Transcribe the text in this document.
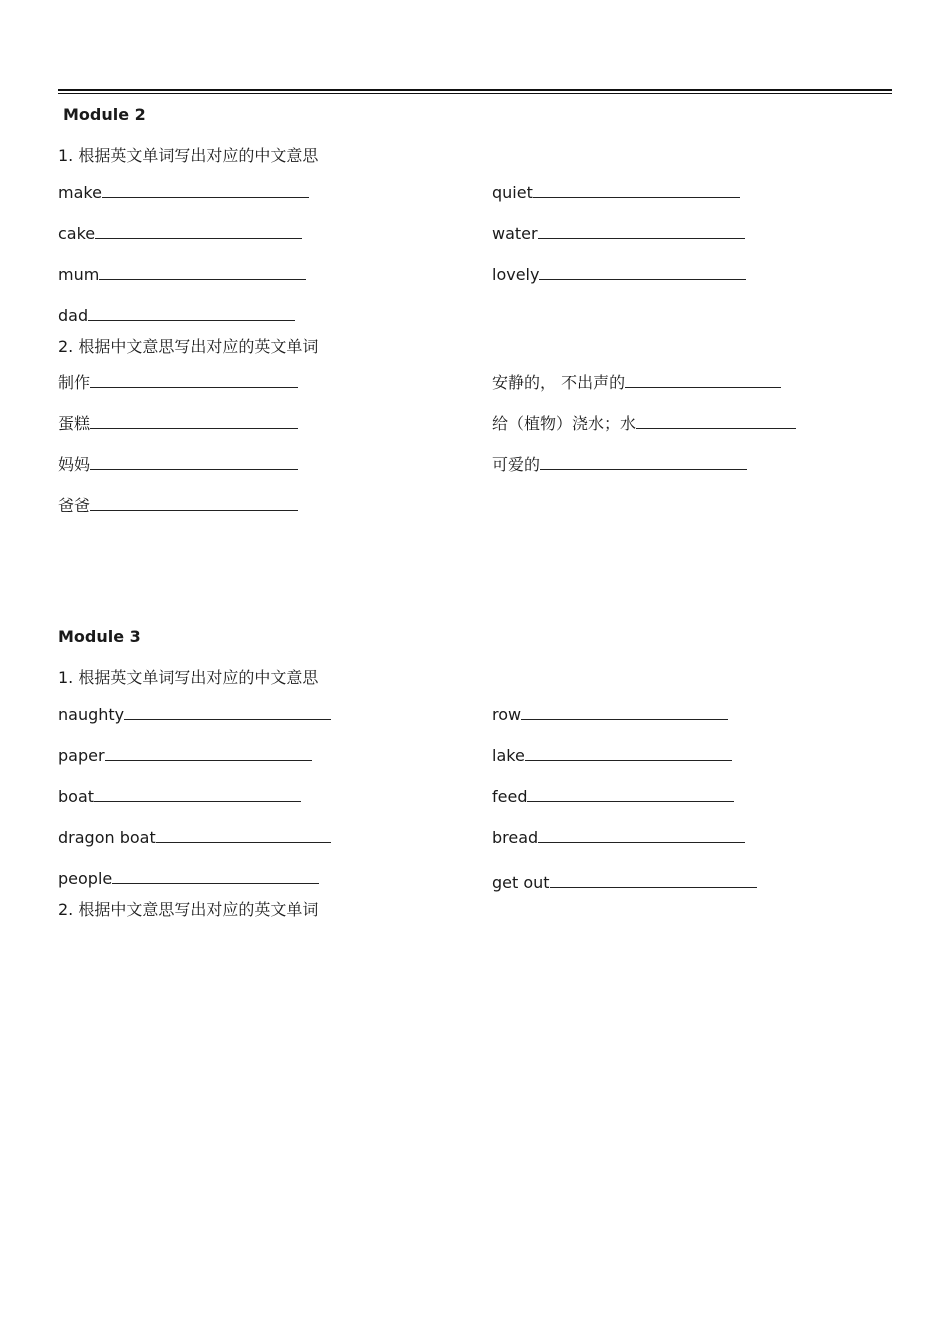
Module 2
1. 根据英文单词写出对应的中文意思
make
cake
mum
dad
quiet
water
lovely
2. 根据中文意思写出对应的英文单词
制作
蛋糕
妈妈
爸爸
安静的， 不出声的
给（植物）浇水；水
可爱的
Module 3
1. 根据英文单词写出对应的中文意思
naughty
paper
boat
dragon boat
people
row
lake
feed
bread
get out
2. 根据中文意思写出对应的英文单词
